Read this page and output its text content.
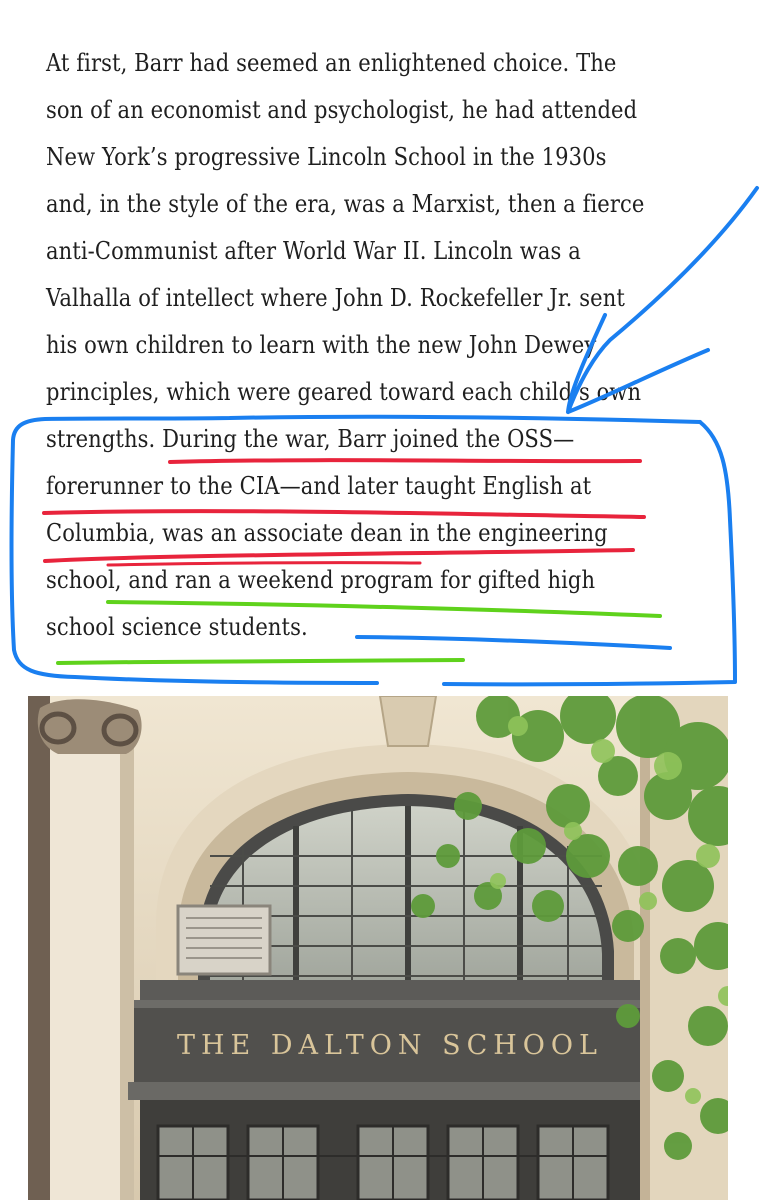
At first, Barr had seemed an enlightened choice. The

son of an economist and psychologist, he had attended

New York’s progressive Lincoln School in the 1930s

and, in the style of the era, was a Marxist, then a fierce

anti-Communist after World War II. Lincoln was a

Valhalla of intellect where John D. Rockefeller Jr. sent

his own children to learn with the new John Dewey

principles, which were geared toward each child’s own

strengths. During the war, Barr joined the OSS—

forerunner to the CIA—and later taught English at

Columbia, was an associate dean in the engineering

school, and ran a weekend program for gifted high

school science students.

THE DALTON SCHOOL
